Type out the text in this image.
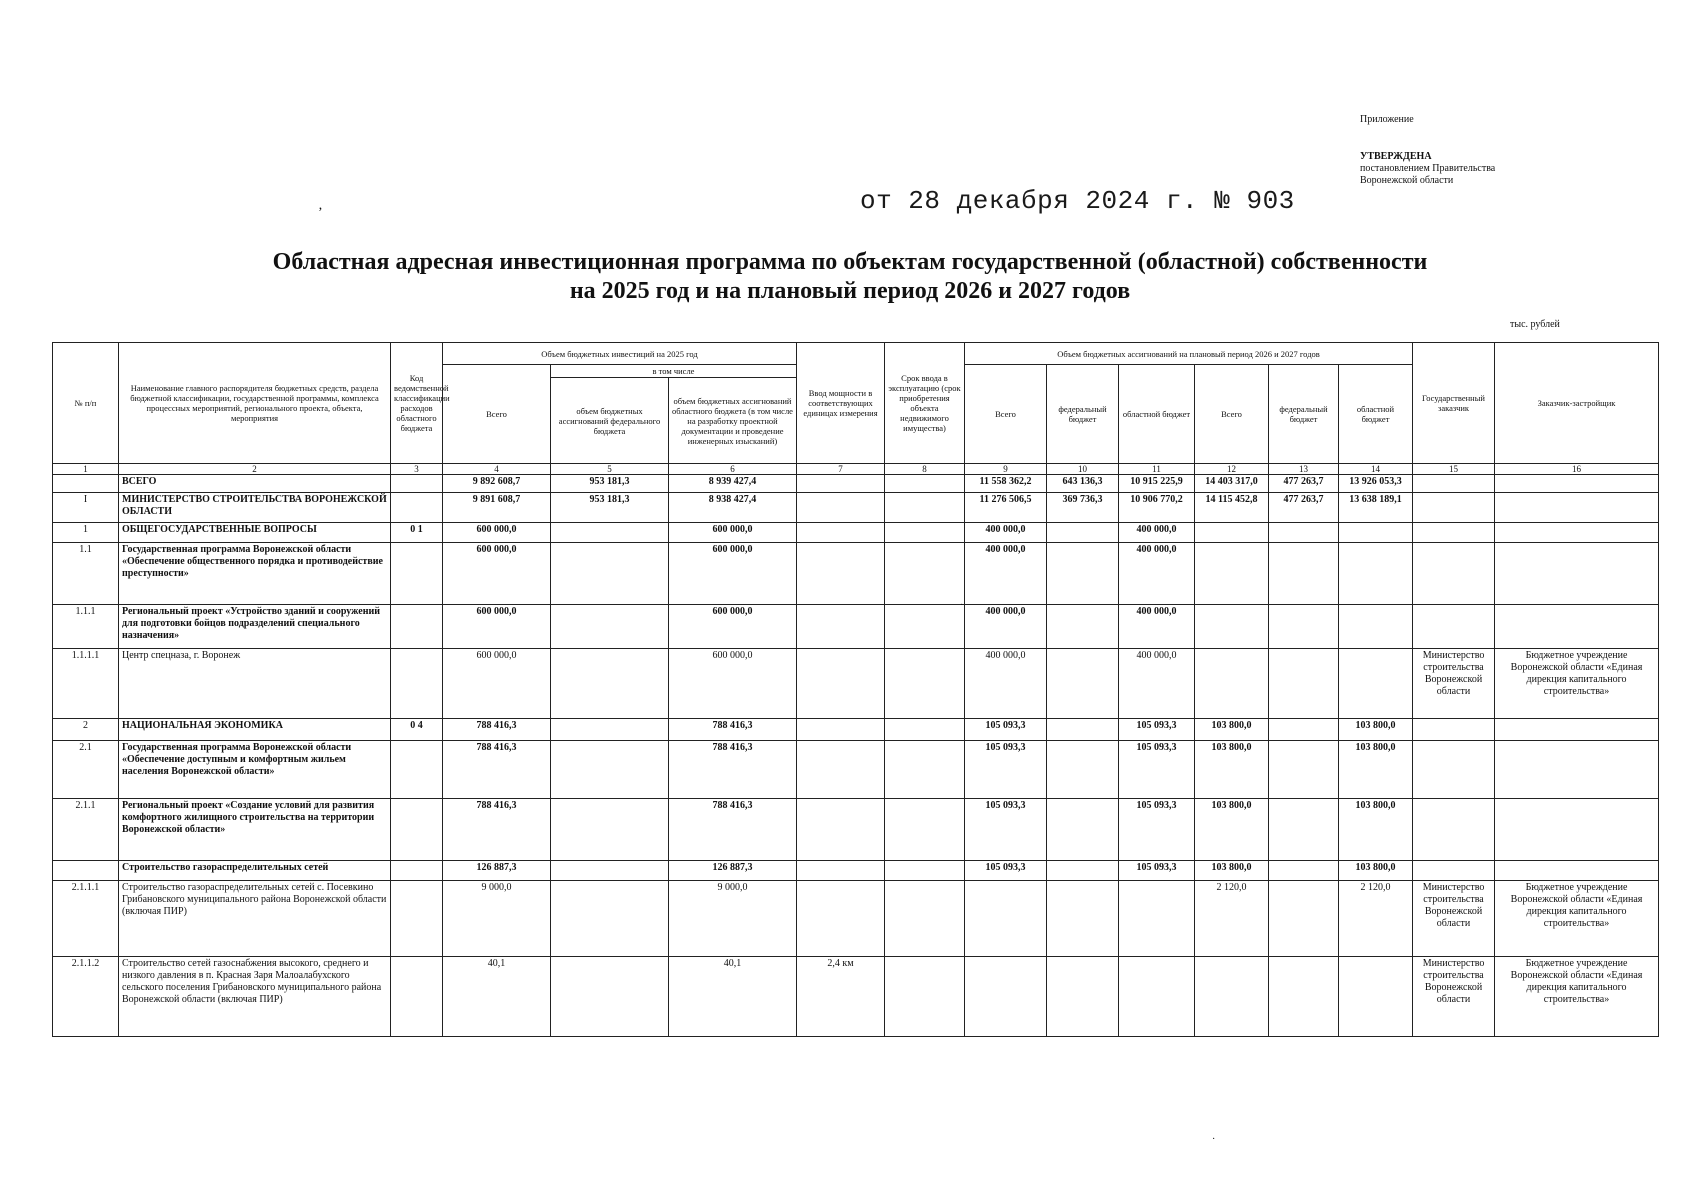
Приложение
УТВЕРЖДЕНА
постановлением Правительства
Воронежской области
‚	от 28 декабря 2024 г. № 903
Областная адресная инвестиционная программа по объектам государственной (областной) собственности
на 2025 год и на плановый период 2026 и 2027 годов
тыс. рублей
№ п/п	Наименование главного распорядителя бюджетных средств, раздела бюджетной классификации, государственной программы, комплекса процессных мероприятий, регионального проекта, объекта, мероприятия	Код ведомственной классификации расходов областного бюджета	Объем бюджетных инвестиций на 2025 год			Ввод мощности в соответствующих единицах измерения	Срок ввода в эксплуатацию (срок приобретения объекта недвижимого имущества)	Объем бюджетных ассигнований на плановый период 2026 и 2027 годов						Государственный заказчик	Заказчик-застройщик
			Всего	в том числе				Всего	федеральный бюджет	областной бюджет	Всего	федеральный бюджет	областной бюджет		
				объем бюджетных ассигнований федерального бюджета	объем бюджетных ассигнований областного бюджета (в том числе на разработку проектной документации и проведение инженерных изысканий)										
1	2	3	4	5	6	7	8	9	10	11	12	13	14	15	16
	ВСЕГО		9 892 608,7	953 181,3	8 939 427,4			11 558 362,2	643 136,3	10 915 225,9	14 403 317,0	477 263,7	13 926 053,3		
I	МИНИСТЕРСТВО СТРОИТЕЛЬСТВА ВОРОНЕЖСКОЙ ОБЛАСТИ		9 891 608,7	953 181,3	8 938 427,4			11 276 506,5	369 736,3	10 906 770,2	14 115 452,8	477 263,7	13 638 189,1		
1	ОБЩЕГОСУДАРСТВЕННЫЕ ВОПРОСЫ	0 1	600 000,0		600 000,0			400 000,0		400 000,0					
1.1	Государственная программа Воронежской области «Обеспечение общественного порядка и противодействие преступности»		600 000,0		600 000,0			400 000,0		400 000,0					
1.1.1	Региональный проект «Устройство зданий и сооружений для подготовки бойцов подразделений специального назначения»		600 000,0		600 000,0			400 000,0		400 000,0					
1.1.1.1	Центр спецназа, г. Воронеж		600 000,0		600 000,0			400 000,0		400 000,0				Министерство строительства Воронежской области	Бюджетное учреждение Воронежской области «Единая дирекция капитального строительства»
2	НАЦИОНАЛЬНАЯ ЭКОНОМИКА	0 4	788 416,3		788 416,3			105 093,3		105 093,3	103 800,0		103 800,0		
2.1	Государственная программа Воронежской области «Обеспечение доступным и комфортным жильем населения Воронежской области»		788 416,3		788 416,3			105 093,3		105 093,3	103 800,0		103 800,0		
2.1.1	Региональный проект «Создание условий для развития комфортного жилищного строительства на территории Воронежской области»		788 416,3		788 416,3			105 093,3		105 093,3	103 800,0		103 800,0		
	Строительство газораспределительных сетей		126 887,3		126 887,3			105 093,3		105 093,3	103 800,0		103 800,0		
2.1.1.1	Строительство газораспределительных сетей с. Посевкино Грибановского муниципального района Воронежской области (включая ПИР)		9 000,0		9 000,0						2 120,0		2 120,0	Министерство строительства Воронежской области	Бюджетное учреждение Воронежской области «Единая дирекция капитального строительства»
2.1.1.2	Строительство сетей газоснабжения высокого, среднего и низкого давления в п. Красная Заря Малоалабухского сельского поселения Грибановского муниципального района Воронежской области (включая ПИР)		40,1		40,1	2,4 км								Министерство строительства Воронежской области	Бюджетное учреждение Воронежской области «Единая дирекция капитального строительства»
·
·
